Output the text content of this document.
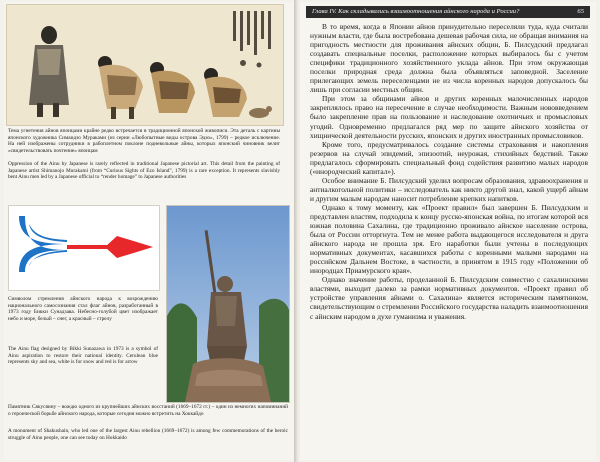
Тема угнетения айнов японцами крайне редко встречается в традиционной японской живописи. Эта деталь с картины японского художника Симаидзо Мураками (из серии «Любопытные виды острова Эдзо», 1799) – редкое исключение. На ней изображены сотрудники в рабоплетном поклоне подневольные айны, которых японский чиновник велит «свидетельствовать почтение» японцам
Oppression of the Ainu by Japanese is rarely reflected in traditional Japanese pictorial art. This detail from the painting of Japanese artist Shimanojo Murakami (from “Curious Sights of Ezo Island”, 1799) is a rare exception. It represents slavishly bent Ainu men led by a Japanese official to “render homage” to Japanese authorities
Символом стремления айнского народа к возрождению национального самосознания стал флаг айнов, разработанный в 1973 году Бикки Сунадзава. Небесно-голубой цвет изображает небо и море, белый – снег, а красный – стрелу
The Ainu flag designed by Bikki Sunazawa in 1973 is a symbol of Ainu aspiration to restore their national identity. Cerulean blue represents sky and sea, white is for snow and red is for arrow
Памятник Сякусяину – вождю одного из крупнейших айнских восстаний (1669–1672 гг.) – один из немногих напоминаний о героической борьбе айнского народа, которые сегодня можно встретить на Хоккайдо
A monument of Shakushain, who led one of the largest Ainu rebellion (1669–1672) is among few commemorations of the heroic struggle of Ainu people, one can see today on Hokkaido
Глава IV. Как складывались взаимоотношения айнского народа и России?	65

В то время, когда в Японии айнов принудительно переселяли туда, куда считали нужным власти, где была востребована дешевая рабочая сила, не обращая внимания на пригодность местности для проживания айнских общин, Б. Пилсудский предлагал создавать специальные поселки, расположение которых выбиралось бы с учетом специфики традиционного хозяйственного уклада айнов. При этом окружающая поселки природная среда должна была объявляться заповедной. Заселение прилегающих земель переселенцами не из числа коренных народов допускалось бы лишь при согласии местных общин.

При этом за общинами айнов и других коренных малочисленных народов закреплялось право на пересечение в случае необходимости. Важным нововведением было закрепление прав на пользование и наследование охотничьих и промысловых угодий. Одновременно предлагался ряд мер по защите айнского хозяйства от хищнической деятельности русских, японских и других иностранных промысловиков.

Кроме того, предусматривалось создание системы страхования и накопления резервов на случай эпидемий, эпизоотий, неурожая, стихийных бедствий. Также предлагалось сформировать специальный фонд содействия развитию малых народов («инородческий капитал»).

Особое внимание Б. Пилсудский уделил вопросам образования, здравоохранения и антиалкогольной политики – исследователь как никто другой знал, какой ущерб айнам и другим малым народам наносит потребление крепких напитков.

Однако к тому моменту, как «Проект правил» был завершен Б. Пилсудским и представлен властям, подходила к концу русско-японская война, по итогам которой вся южная половина Сахалина, где традиционно проживало айнское население острова, была от России отторгнута. Тем не менее работа выдающегося исследователя и друга айнского народа не прошла зря. Его наработки были учтены в последующих нормативных документах, касавшихся работы с коренными малыми народами на российском Дальнем Востоке, в частности, в принятом в 1915 году «Положении об инородцах Приамурского края».

Однако значение работы, проделанной Б. Пилсудским совместно с сахалинскими властями, выходит далеко за рамки нормативных документов. «Проект правил об устройстве управления айнами о. Сахалина» является историческим памятником, свидетельствующим о стремлении Российского государства наладить взаимоотношения с айнским народом в духе гуманизма и уважения.
